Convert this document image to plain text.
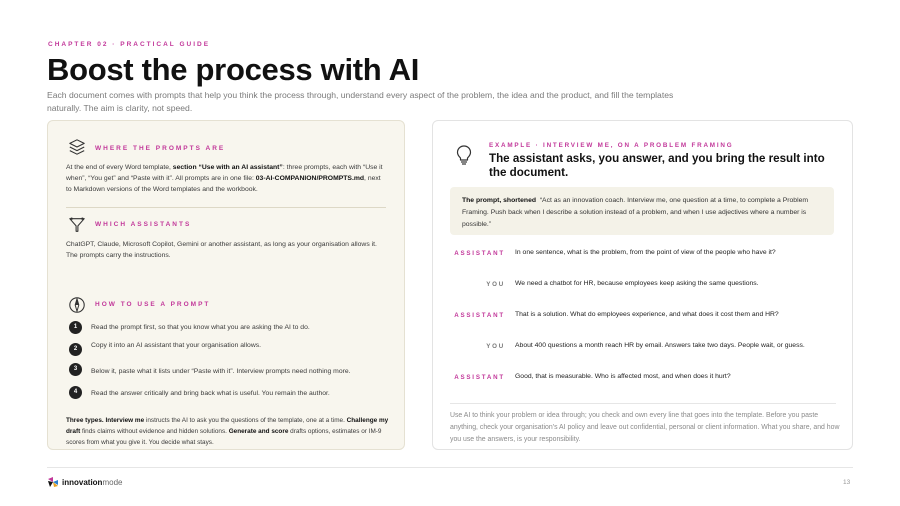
CHAPTER 02 · PRACTICAL GUIDE
Boost the process with AI

Each document comes with prompts that help you think the process through, understand every aspect of the problem, the idea and the product, and fill the templates naturally. The aim is clarity, not speed.

WHERE THE PROMPTS ARE
At the end of every Word template, section “Use with an AI assistant”: three prompts, each with “Use it when”, “You get” and “Paste with it”. All prompts are in one file: 03-AI-COMPANION/PROMPTS.md, next to Markdown versions of the Word templates and the workbook.
WHICH ASSISTANTS
ChatGPT, Claude, Microsoft Copilot, Gemini or another assistant, as long as your organisation allows it. The prompts carry the instructions.
HOW TO USE A PROMPT
1	Read the prompt first, so that you know what you are asking the AI to do.
2	Copy it into an AI assistant that your organisation allows.
3	Below it, paste what it lists under “Paste with it”. Interview prompts need nothing more.
4	Read the answer critically and bring back what is useful. You remain the author.
Three types. Interview me instructs the AI to ask you the questions of the template, one at a time. Challenge my draft finds claims without evidence and hidden solutions. Generate and score drafts options, estimates or IM-9 scores from what you give it. You decide what stays.
EXAMPLE · INTERVIEW ME, ON A PROBLEM FRAMING
The assistant asks, you answer, and you bring the result into the document.
The prompt, shortened “Act as an innovation coach. Interview me, one question at a time, to complete a Problem Framing. Push back when I describe a solution instead of a problem, and when I use adjectives where a number is possible.”
ASSISTANT In one sentence, what is the problem, from the point of view of the people who have it?
YOU We need a chatbot for HR, because employees keep asking the same questions.
ASSISTANT That is a solution. What do employees experience, and what does it cost them and HR?
YOU About 400 questions a month reach HR by email. Answers take two days. People wait, or guess.
ASSISTANT Good, that is measurable. Who is affected most, and when does it hurt?
Use AI to think your problem or idea through; you check and own every line that goes into the template. Before you paste anything, check your organisation’s AI policy and leave out confidential, personal or client information. What you share, and how you use the answers, is your responsibility.
innovationmode	13
